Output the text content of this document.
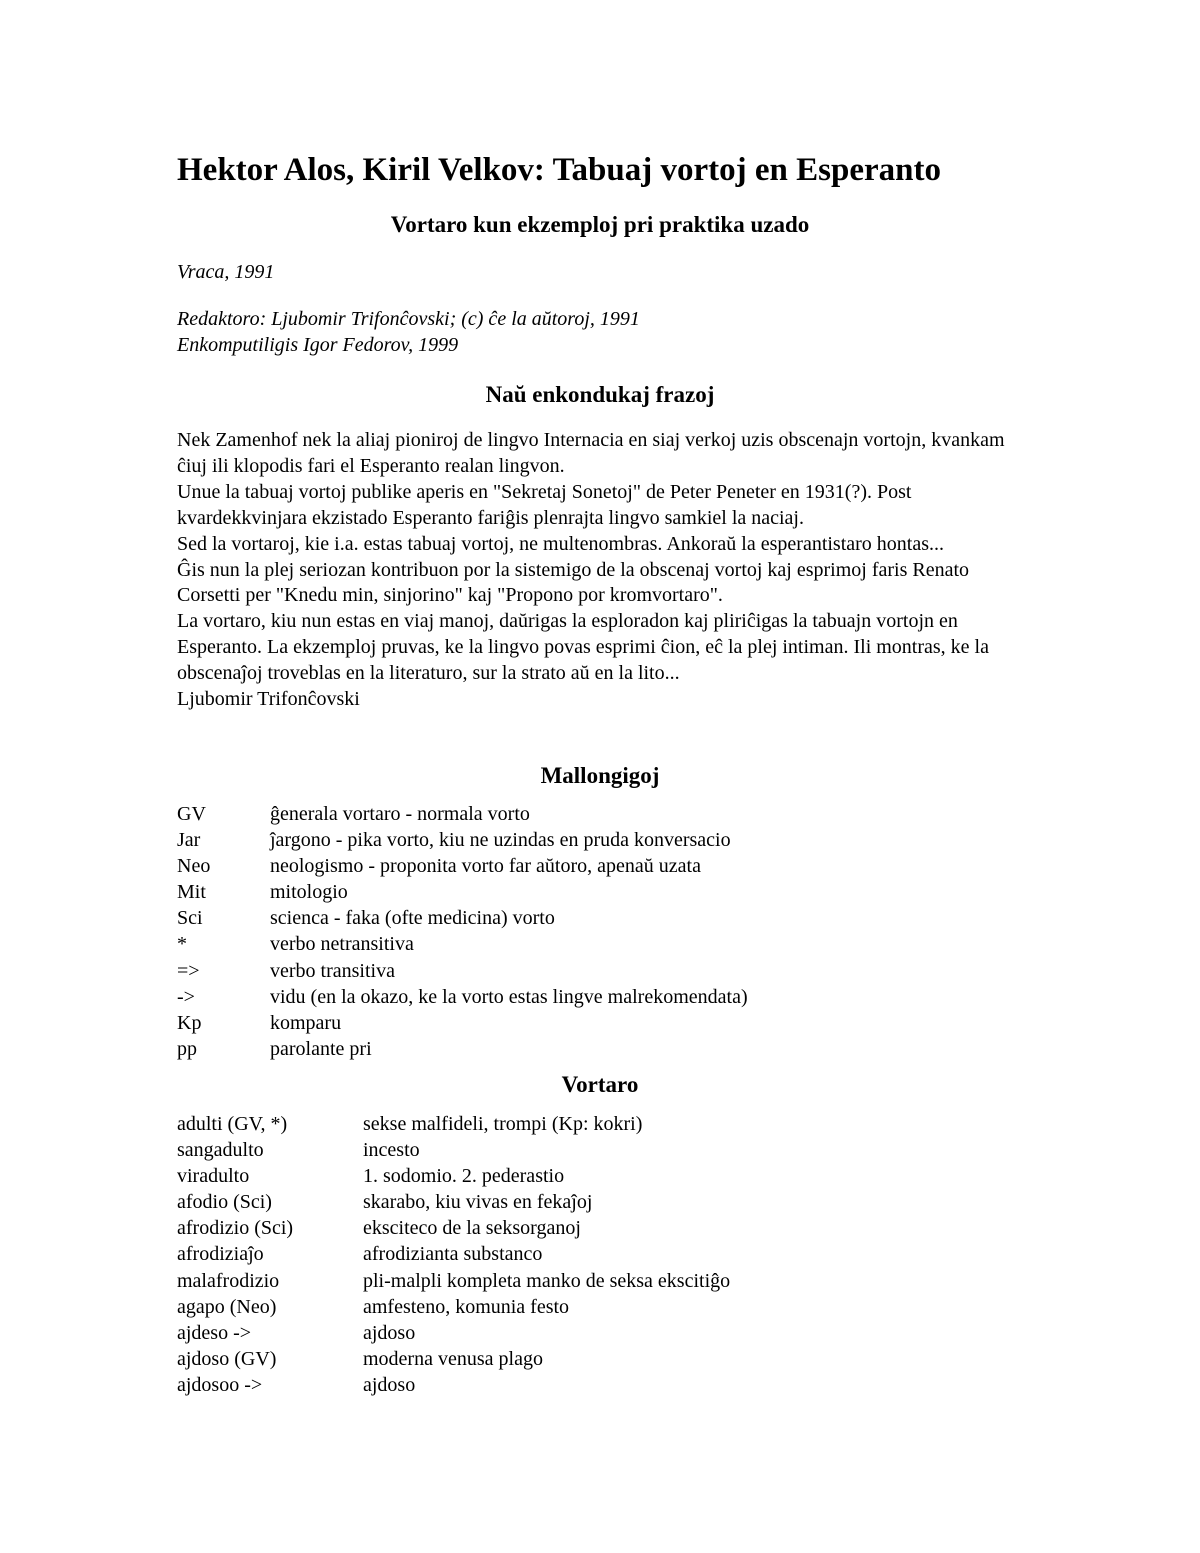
Hektor Alos, Kiril Velkov: Tabuaj vortoj en Esperanto
Vortaro kun ekzemploj pri praktika uzado

Vraca, 1991

Redaktoro: Ljubomir Trifonĉovski; (c) ĉe la aŭtoroj, 1991

Enkomputiligis Igor Fedorov, 1999

Naŭ enkondukaj frazoj

Nek Zamenhof nek la aliaj pioniroj de lingvo Internacia en siaj verkoj uzis obscenajn vortojn, kvankam ĉiuj ili klopodis fari el Esperanto realan lingvon.

Unue la tabuaj vortoj publike aperis en "Sekretaj Sonetoj" de Peter Peneter en 1931(?). Post kvardekkvinjara ekzistado Esperanto fariĝis plenrajta lingvo samkiel la naciaj.

Sed la vortaroj, kie i.a. estas tabuaj vortoj, ne multenombras. Ankoraŭ la esperantistaro hontas...

Ĝis nun la plej seriozan kontribuon por la sistemigo de la obscenaj vortoj kaj esprimoj faris Renato Corsetti per "Knedu min, sinjorino" kaj "Propono por kromvortaro".

La vortaro, kiu nun estas en viaj manoj, daŭrigas la esploradon kaj pliriĉigas la tabuajn vortojn en Esperanto. La ekzemploj pruvas, ke la lingvo povas esprimi ĉion, eĉ la plej intiman. Ili montras, ke la obscenaĵoj troveblas en la literaturo, sur la strato aŭ en la lito...

Ljubomir Trifonĉovski

Mallongigoj
GV	ĝenerala vortaro - normala vorto
Jar	ĵargono - pika vorto, kiu ne uzindas en pruda konversacio
Neo	neologismo - proponita vorto far aŭtoro, apenaŭ uzata
Mit	mitologio
Sci	scienca - faka (ofte medicina) vorto
*	verbo netransitiva
=>	verbo transitiva
->	vidu (en la okazo, ke la vorto estas lingve malrekomendata)
Kp	komparu
pp	parolante pri
Vortaro
adulti (GV, *)	sekse malfideli, trompi (Kp: kokri)
sangadulto	incesto
viradulto	1. sodomio. 2. pederastio
afodio (Sci)	skarabo, kiu vivas en fekaĵoj
afrodizio (Sci)	eksciteco de la seksorganoj
afrodiziaĵo	afrodizianta substanco
malafrodizio	pli-malpli kompleta manko de seksa ekscitiĝo
agapo (Neo)	amfesteno, komunia festo
ajdeso ->	ajdoso
ajdoso (GV)	moderna venusa plago
ajdosoo ->	ajdoso
